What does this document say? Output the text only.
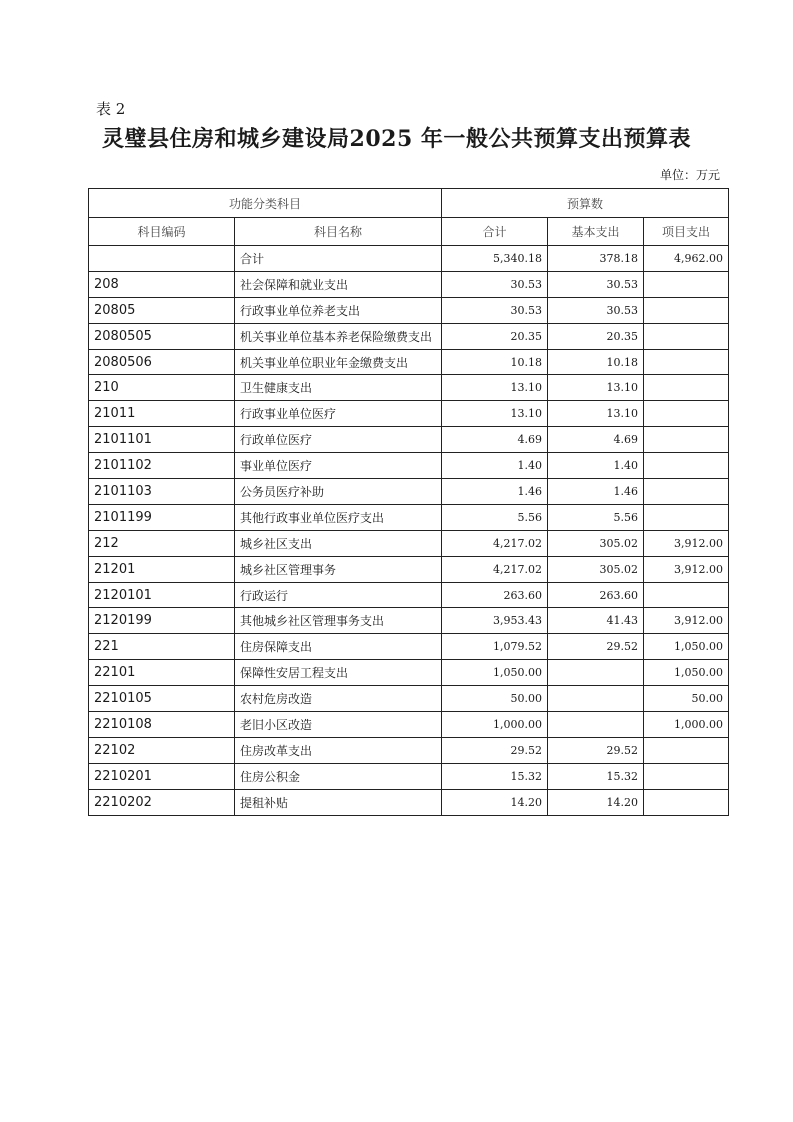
表 2
灵璧县住房和城乡建设局2025 年一般公共预算支出预算表
单位：万元
功能分类科目		预算数		
科目编码	科目名称	合计	基本支出	项目支出
	合计	5,340.18	378.18	4,962.00
208	社会保障和就业支出	30.53	30.53	
20805	行政事业单位养老支出	30.53	30.53	
2080505	机关事业单位基本养老保险缴费支出	20.35	20.35	
2080506	机关事业单位职业年金缴费支出	10.18	10.18	
210	卫生健康支出	13.10	13.10	
21011	行政事业单位医疗	13.10	13.10	
2101101	行政单位医疗	4.69	4.69	
2101102	事业单位医疗	1.40	1.40	
2101103	公务员医疗补助	1.46	1.46	
2101199	其他行政事业单位医疗支出	5.56	5.56	
212	城乡社区支出	4,217.02	305.02	3,912.00
21201	城乡社区管理事务	4,217.02	305.02	3,912.00
2120101	行政运行	263.60	263.60	
2120199	其他城乡社区管理事务支出	3,953.43	41.43	3,912.00
221	住房保障支出	1,079.52	29.52	1,050.00
22101	保障性安居工程支出	1,050.00		1,050.00
2210105	农村危房改造	50.00		50.00
2210108	老旧小区改造	1,000.00		1,000.00
22102	住房改革支出	29.52	29.52	
2210201	住房公积金	15.32	15.32	
2210202	提租补贴	14.20	14.20	
